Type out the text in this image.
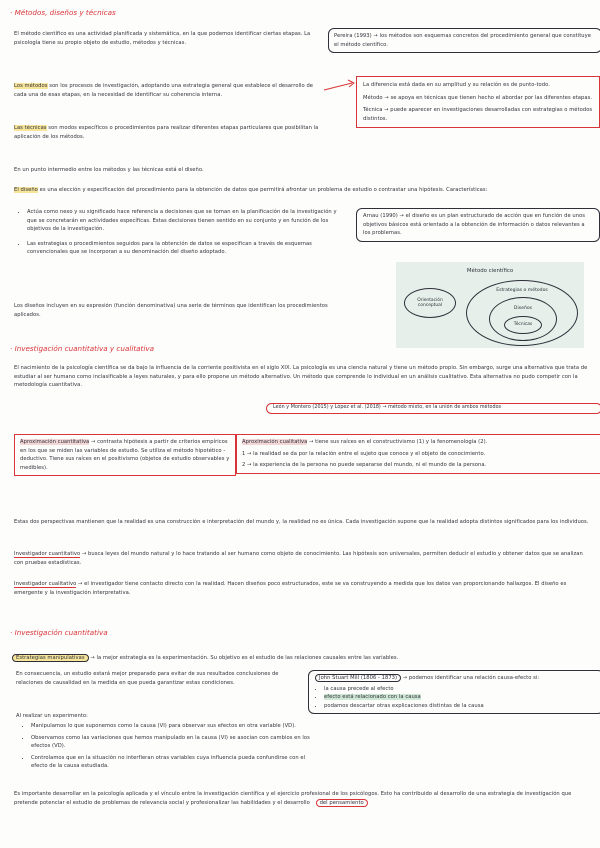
· Métodos, diseños y técnicas
El método científico es una actividad planificada y sistemática, en la que podemos identificar ciertas etapas. La psicología tiene su propio objeto de estudio, métodos y técnicas.
Pereira (1993) → los métodos son esquemas concretos del procedimiento general que constituye el método científico.
Los métodos son los procesos de investigación, adoptando una estrategia general que establece el desarrollo de cada una de esas etapas, en la necesidad de identificar su coherencia interna.
Las técnicas son modos específicos o procedimientos para realizar diferentes etapas particulares que posibilitan la aplicación de los métodos.
La diferencia está dada en su amplitud y su relación es de punto-todo.
Método → se apoya en técnicas que tienen hecho el abordar por las diferentes etapas.
Técnica → puede aparecer en investigaciones desarrolladas con estrategias o métodos distintos.
En un punto intermedio entre los métodos y las técnicas está el diseño.
El diseño es una elección y especificación del procedimiento para la obtención de datos que permitirá afrontar un problema de estudio o contrastar una hipótesis. Características:
• Actúa como nexo y su significado hace referencia a decisiones que se toman en la planificación de la investigación y que se concretarán en actividades específicas. Estas decisiones tienen sentido en su conjunto y en función de los objetivos de la investigación.
• Las estrategias o procedimientos seguidos para la obtención de datos se especifican a través de esquemas convencionales que se incorporan a su denominación del diseño adoptado.
Arnau (1990) → el diseño es un plan estructurado de acción que en función de unos objetivos básicos está orientado a la obtención de información o datos relevantes a los problemas.
Los diseños incluyen en su expresión (función denominativa) una serie de términos que identifican los procedimientos aplicados.
Método científico
Orientación conceptual
Estrategias o métodos
Diseños
Técnicas
· Investigación cuantitativa y cualitativa
El nacimiento de la psicología científica se da bajo la influencia de la corriente positivista en el siglo XIX. La psicología es una ciencia natural y tiene un método propio. Sin embargo, surge una alternativa que trata de estudiar al ser humano como inclasificable a leyes naturales, y para ello propone un método alternativo. Un método que comprende lo individual en un análisis cualitativo. Esta alternativa no pudo competir con la metodología cuantitativa.
León y Montero (2015) y López et al. (2018) → método mixto, en la unión de ambos métodos
Aproximación cuantitativa → contrasta hipótesis a partir de criterios empíricos en los que se miden las variables de estudio. Se utiliza el método hipotético - deductivo. Tiene sus raíces en el positivismo (objetos de estudio observables y medibles).
Aproximación cualitativa → tiene sus raíces en el constructivismo (1) y la fenomenología (2).
1 → la realidad se da por la relación entre el sujeto que conoce y el objeto de conocimiento.
2 → la experiencia de la persona no puede separarse del mundo, ni el mundo de la persona.
Estas dos perspectivas mantienen que la realidad es una construcción e interpretación del mundo y, la realidad no es única. Cada investigación supone que la realidad adopta distintos significados para los individuos.
Investigador cuantitativo → busca leyes del mundo natural y lo hace tratando al ser humano como objeto de conocimiento. Las hipótesis son universales, permiten deducir el estudio y obtener datos que se analizan con pruebas estadísticas.
Investigador cualitativo → el investigador tiene contacto directo con la realidad. Hacen diseños poco estructurados, este se va construyendo a medida que los datos van proporcionando hallazgos. El diseño es emergente y la investigación interpretativa.
· Investigación cuantitativa
Estrategias manipulativas → la mejor estrategia es la experimentación. Su objetivo es el estudio de las relaciones causales entre las variables.
En consecuencia, un estudio estará mejor preparado para evitar de sus resultados conclusiones de relaciones de causalidad en la medida en que pueda garantizar estas condiciones.
Al realizar un experimento:
John Stuart Mill (1806 - 1873) → podemos identificar una relación causa-efecto si:
• la causa precede al efecto
• efecto está relacionado con la causa
• podamos descartar otras explicaciones distintas de la causa
• Manipulamos lo que suponemos como la causa (VI) para observar sus efectos en otra variable (VD).
• Observamos como las variaciones que hemos manipulado en la causa (VI) se asocian con cambios en los efectos (VD).
• Controlamos que en la situación no interfieran otras variables cuya influencia pueda confundirse con el efecto de la causa estudiada.
Es importante desarrollar en la psicología aplicada y el vínculo entre la investigación científica y el ejercicio profesional de los psicólogos. Esto ha contribuido al desarrollo de una estrategia de investigación que pretende potenciar el estudio de problemas de relevancia social y profesionalizar las habilidades y el desarrollo del pensamiento
